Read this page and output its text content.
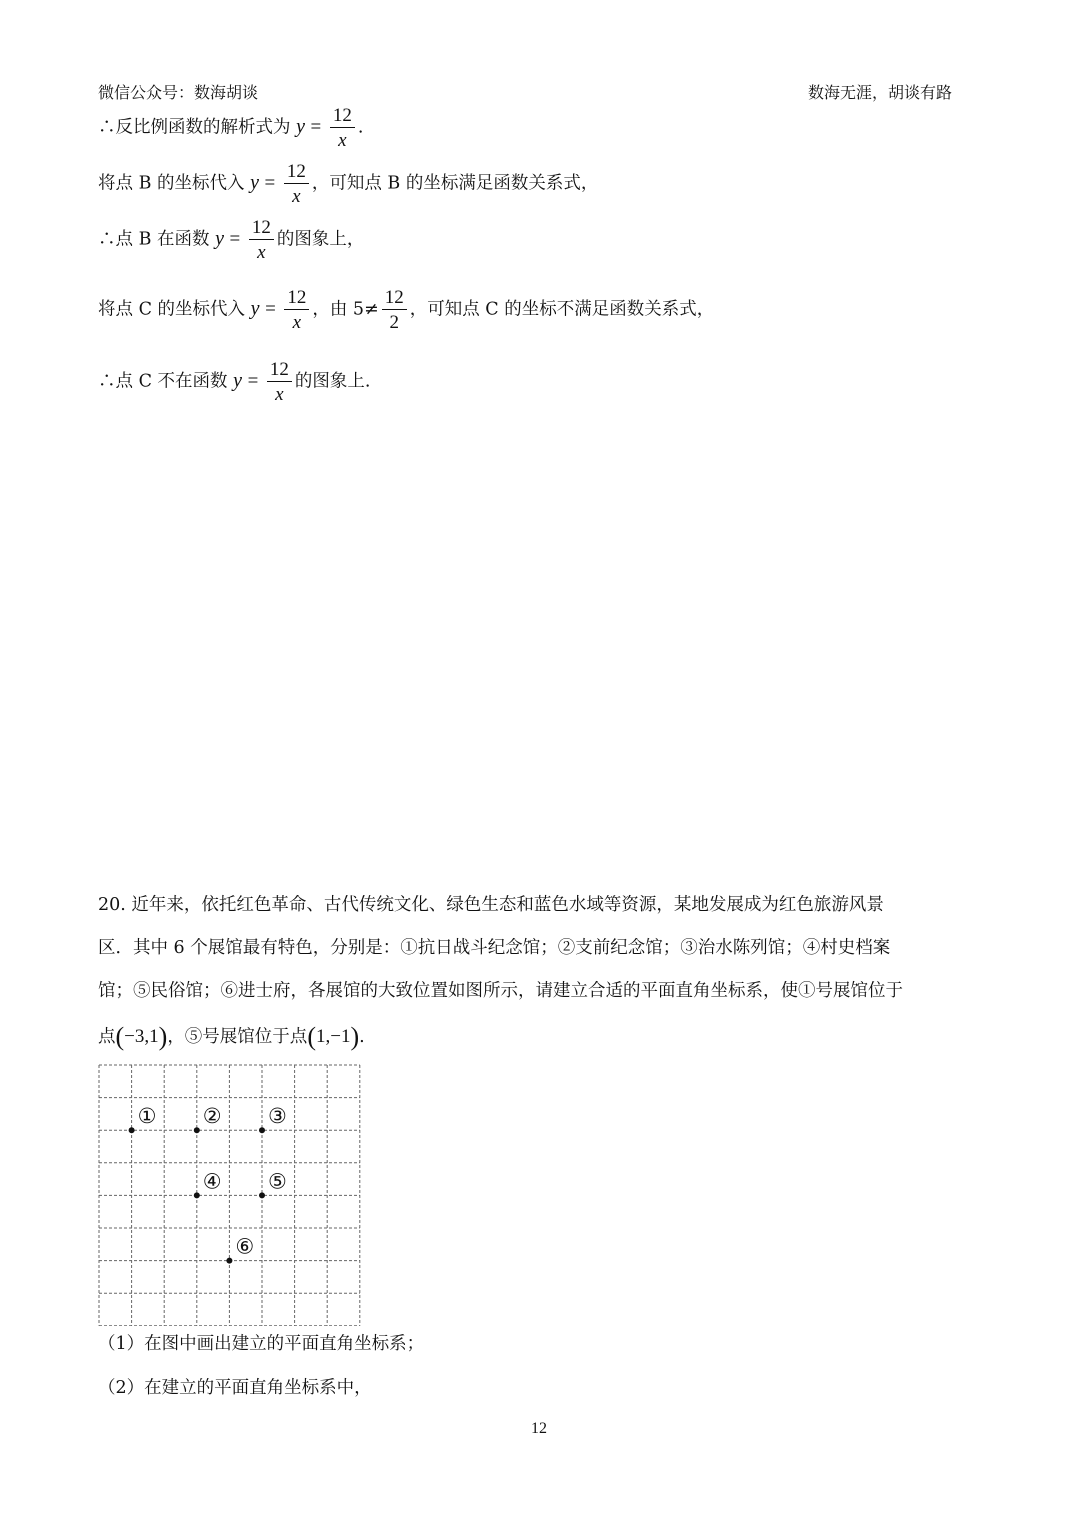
微信公众号：数海胡谈	数海无涯，胡谈有路
∴反比例函数的解析式为 $y = \frac{12}{x}$ .
将点 B 的坐标代入 $y = \frac{12}{x}$ ，可知点 B 的坐标满足函数关系式，
∴点 B 在函数 $y = \frac{12}{x}$ 的图象上，
将点 C 的坐标代入 $y = \frac{12}{x}$ ，由 $5\ne \frac{12}{2}$ ，可知点 C 的坐标不满足函数关系式，
∴点 C 不在函数 $y = \frac{12}{x}$ 的图象上.
20. 近年来，依托红色革命、古代传统文化、绿色生态和蓝色水域等资源，某地发展成为红色旅游风景
区．其中 6 个展馆最有特色，分别是：①抗日战斗纪念馆；②支前纪念馆；③治水陈列馆；④村史档案
馆；⑤民俗馆；⑥进士府，各展馆的大致位置如图所示，请建立合适的平面直角坐标系，使①号展馆位于
点(−3,1)，⑤号展馆位于点(1,−1).
① ② ③
④ ⑤
⑥
（1）在图中画出建立的平面直角坐标系；
（2）在建立的平面直角坐标系中，
12
